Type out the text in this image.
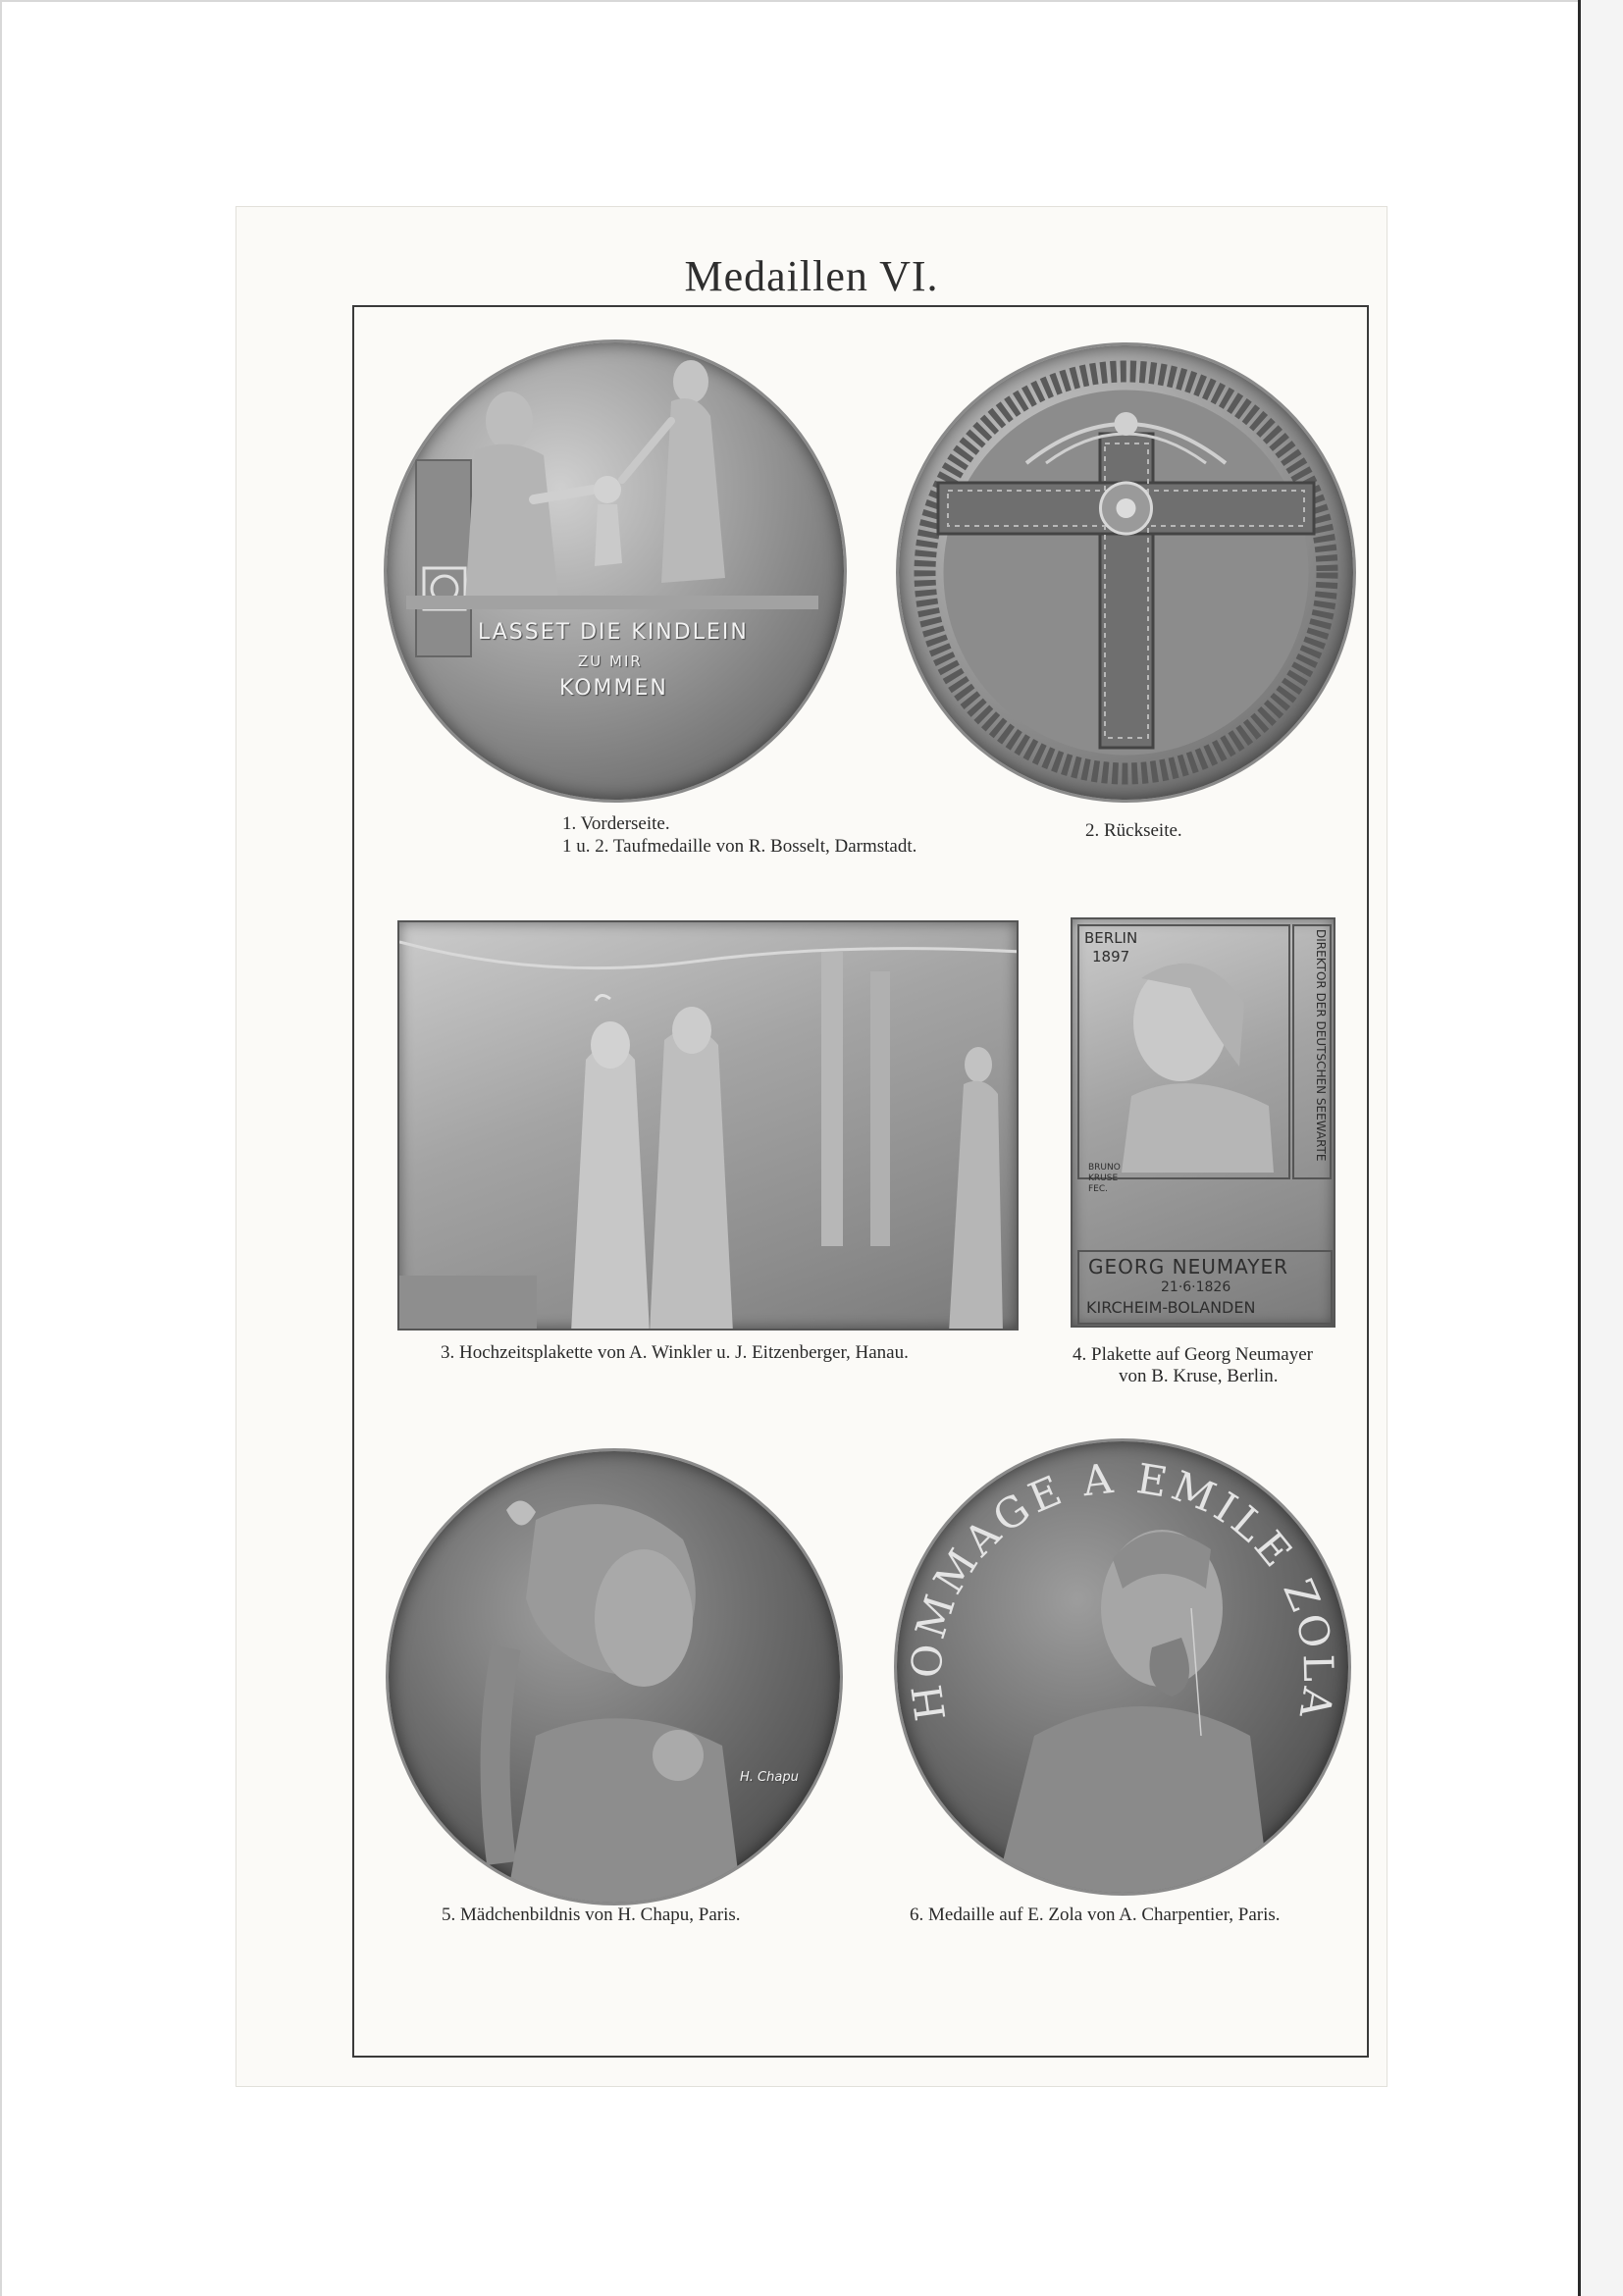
Medaillen VI.
LASSET DIE KINDLEIN
ZU MIR
KOMMEN
1. Vorderseite.	2. Rückseite.
1 u. 2. Taufmedaille von R. Bosselt, Darmstadt.
3. Hochzeitsplakette von A. Winkler u. J. Eitzenberger, Hanau.
BERLIN
1897	DIREKTOR DER DEUTSCHEN SEEWARTE
BRUNO KRUSE FEC.
GEORG NEUMAYER
21·6·1826
KIRCHEIM-BOLANDEN
4. Plakette auf Georg Neumayer
von B. Kruse, Berlin.
H. Chapu
HOMMAGE A EMILE ZOLA
5. Mädchenbildnis von H. Chapu, Paris.	6. Medaille auf E. Zola von A. Charpentier, Paris.
